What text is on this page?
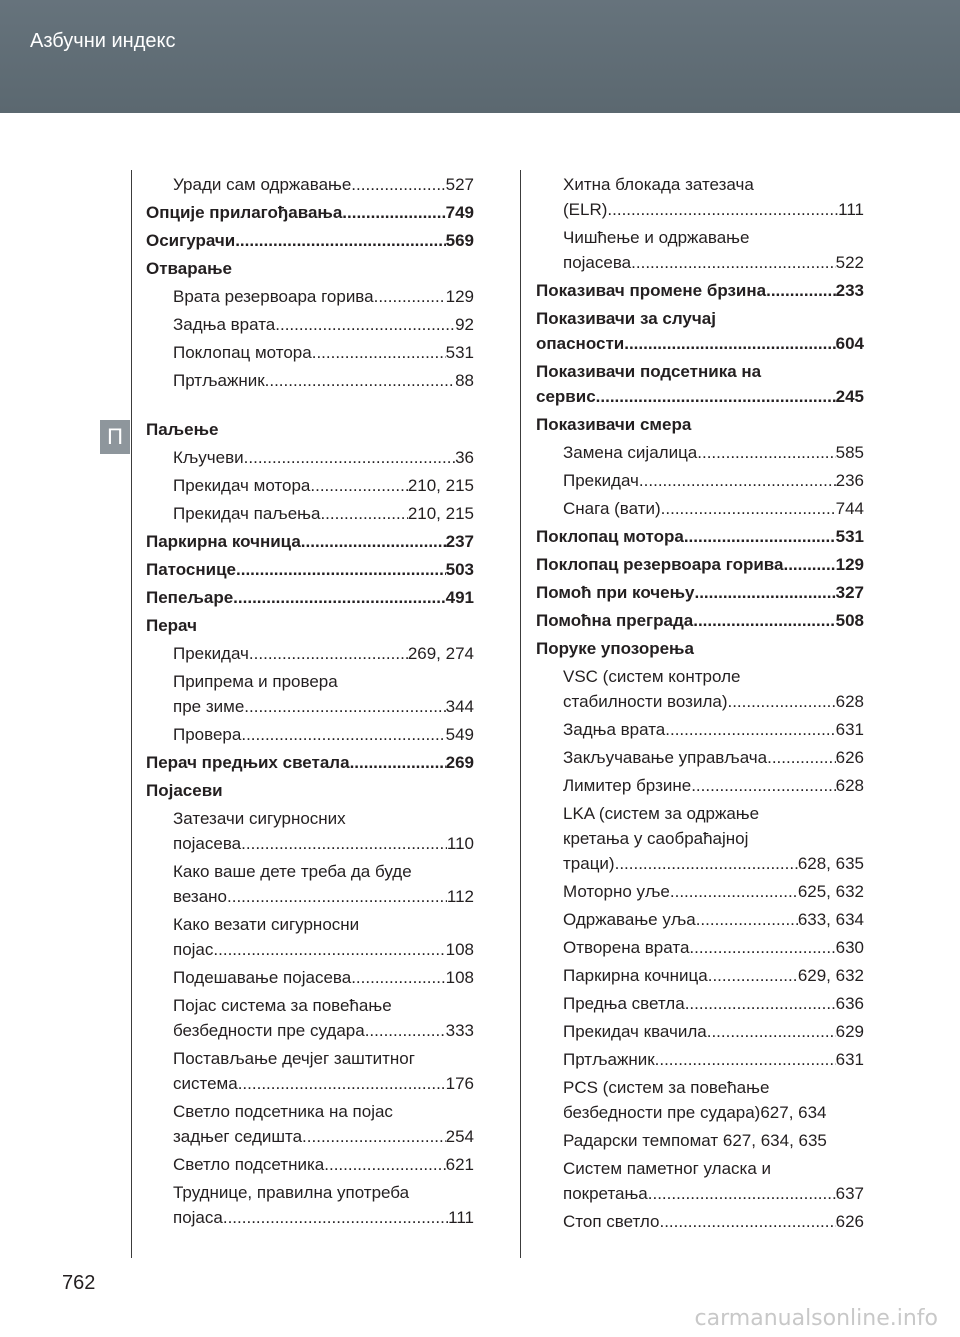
Азбучни индекс
П
Уради сам одржавање .....	527
Опције прилагођавања .....	749
Осигурачи .....	569
Отварање
Врата резервоара горива .....	129
Задња врата .....	92
Поклопац мотора .....	531
Пртљажник .....	88
Паљење
Кључеви .....	36
Прекидач мотора .....	210, 215
Прекидач паљења .....	210, 215
Паркирна кочница .....	237
Патоснице .....	503
Пепељаре .....	491
Перач
Прекидач .....	269, 274
Припрема и провера
пре зиме .....	344
Провера .....	549
Перач предњих светала .....	269
Појасеви
Затезачи сигурносних
појасева .....	110
Како ваше дете треба да буде
везано .....	112
Како везати сигурносни
појас .....	108
Подешавање појасева .....	108
Појас система за повећање
безбедности пре судара .....	333
Постављање дечјег заштитног
система .....	176
Светло подсетника на појас
задњег седишта .....	254
Светло подсетника .....	621
Труднице, правилна употреба
појаса .....	111
Хитна блокада затезача
(ELR) .....	111
Чишћење и одржавање
појасева .....	522
Показивач промене брзина .....	233
Показивачи за случај
опасности .....	604
Показивачи подсетника на
сервис .....	245
Показивачи смера
Замена сијалица .....	585
Прекидач .....	236
Снага (вати) .....	744
Поклопац мотора .....	531
Поклопац резервоара горива .....	129
Помоћ при кочењу .....	327
Помоћна преграда .....	508
Поруке упозорења
VSC (систем контроле
стабилности возила) .....	628
Задња врата .....	631
Закључавање управљача .....	626
Лимитер брзине .....	628
LKA (систем за одржање
кретања у саобраћајној
траци) .....	628, 635
Моторно уље .....	625, 632
Одржавање уља .....	633, 634
Отворена врата .....	630
Паркирна кочница .....	629, 632
Предња светла .....	636
Прекидач квачила .....	629
Пртљажник .....	631
PCS (систем за повећање
безбедности пре судара)627, 634
Радарски темпомат 627, 634, 635
Систем паметног уласка и
покретања .....	637
Стоп светло .....	626
762
carmanualsonline.info
